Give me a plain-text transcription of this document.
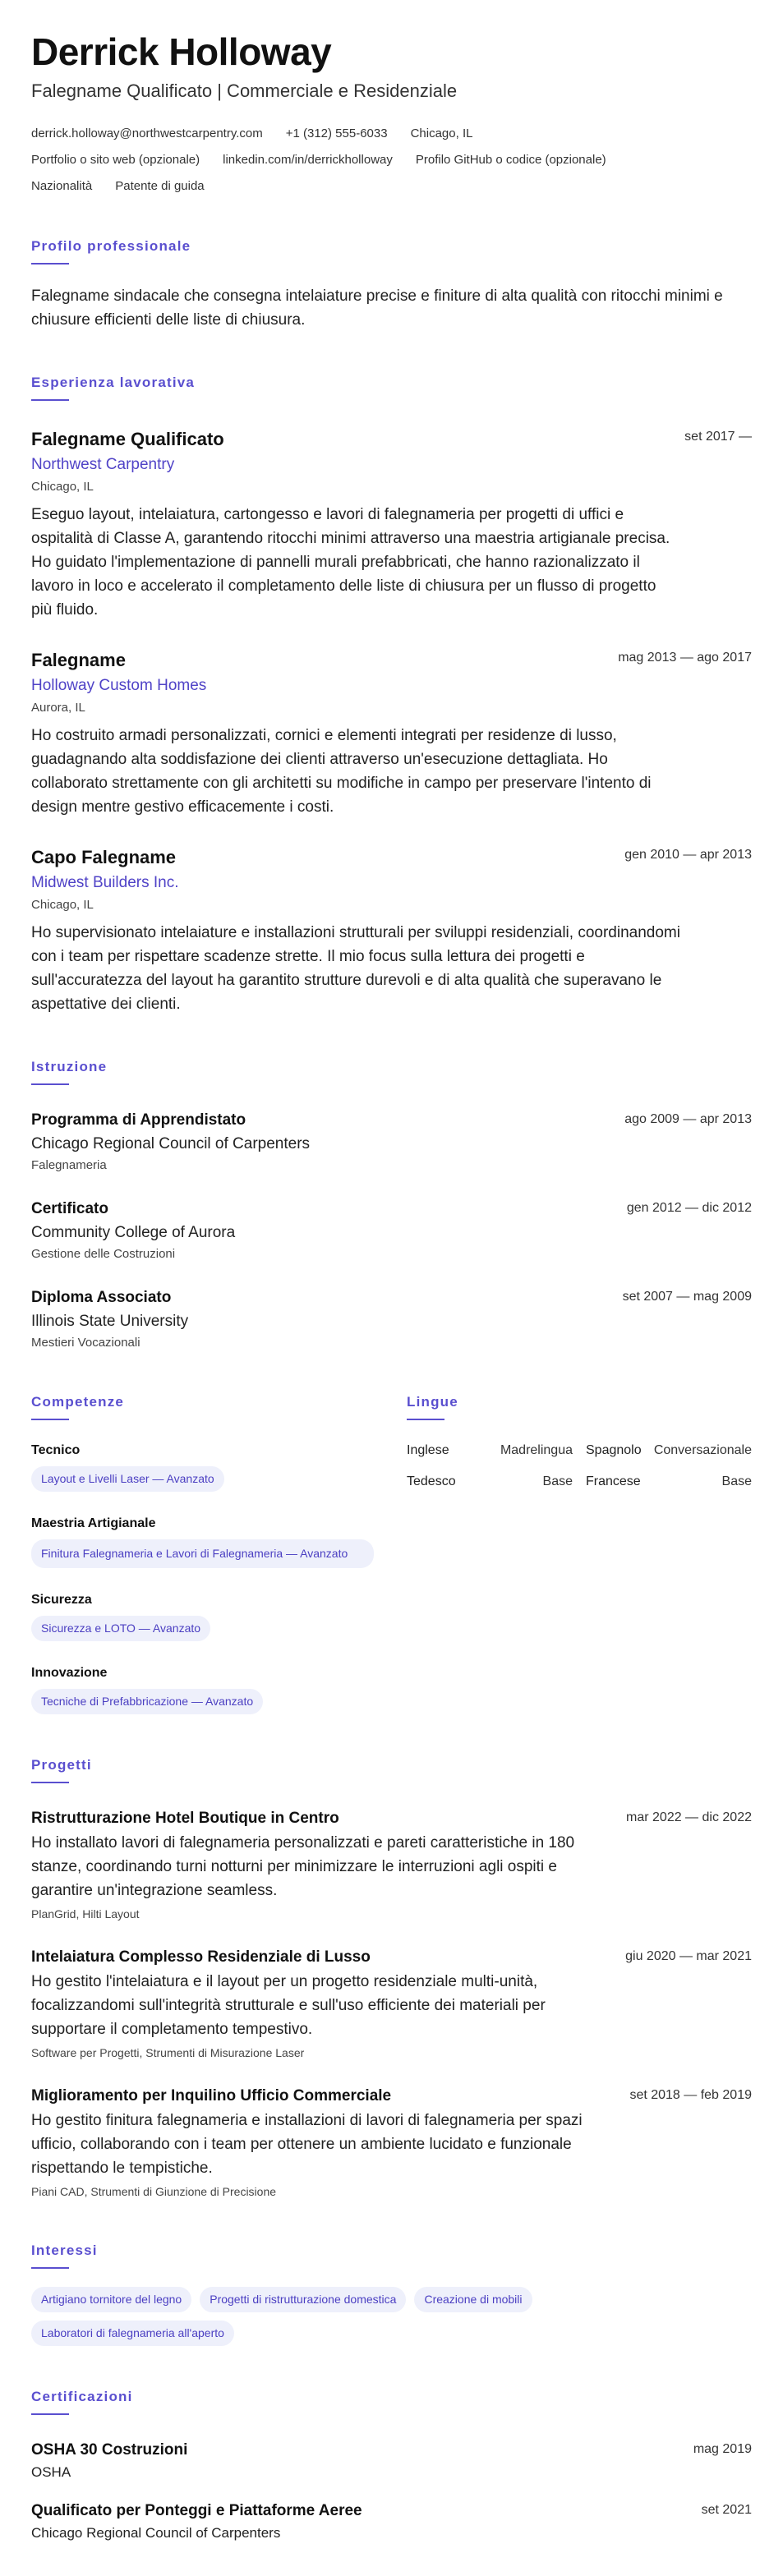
Derrick Holloway
Falegname Qualificato | Commerciale e Residenziale
derrick.holloway@northwestcarpentry.com +1 (312) 555-6033 Chicago, IL
Portfolio o sito web (opzionale) linkedin.com/in/derrickholloway Profilo GitHub o codice (opzionale)
Nazionalità Patente di guida
Profilo professionale
Falegname sindacale che consegna intelaiature precise e finiture di alta qualità con ritocchi minimi e chiusure efficienti delle liste di chiusura.
Esperienza lavorativa
Falegname Qualificato	set 2017 —
Northwest Carpentry
Chicago, IL
Eseguo layout, intelaiatura, cartongesso e lavori di falegnameria per progetti di uffici e ospitalità di Classe A, garantendo ritocchi minimi attraverso una maestria artigianale precisa. Ho guidato l'implementazione di pannelli murali prefabbricati, che hanno razionalizzato il lavoro in loco e accelerato il completamento delle liste di chiusura per un flusso di progetto più fluido.
Falegname	mag 2013 — ago 2017
Holloway Custom Homes
Aurora, IL
Ho costruito armadi personalizzati, cornici e elementi integrati per residenze di lusso, guadagnando alta soddisfazione dei clienti attraverso un'esecuzione dettagliata. Ho collaborato strettamente con gli architetti su modifiche in campo per preservare l'intento di design mentre gestivo efficacemente i costi.
Capo Falegname	gen 2010 — apr 2013
Midwest Builders Inc.
Chicago, IL
Ho supervisionato intelaiature e installazioni strutturali per sviluppi residenziali, coordinandomi con i team per rispettare scadenze strette. Il mio focus sulla lettura dei progetti e sull'accuratezza del layout ha garantito strutture durevoli e di alta qualità che superavano le aspettative dei clienti.
Istruzione
Programma di Apprendistato	ago 2009 — apr 2013
Chicago Regional Council of Carpenters
Falegnameria
Certificato	gen 2012 — dic 2012
Community College of Aurora
Gestione delle Costruzioni
Diploma Associato	set 2007 — mag 2009
Illinois State University
Mestieri Vocazionali
Competenze
Tecnico
Layout e Livelli Laser — Avanzato
Maestria Artigianale
Finitura Falegnameria e Lavori di Falegnameria — Avanzato
Sicurezza
Sicurezza e LOTO — Avanzato
Innovazione
Tecniche di Prefabbricazione — Avanzato
Lingue
Inglese	Madrelingua Spagnolo Conversazionale
Tedesco	Base Francese	Base
Progetti
Ristrutturazione Hotel Boutique in Centro	mar 2022 — dic 2022
Ho installato lavori di falegnameria personalizzati e pareti caratteristiche in 180 stanze, coordinando turni notturni per minimizzare le interruzioni agli ospiti e garantire un'integrazione seamless.
PlanGrid, Hilti Layout
Intelaiatura Complesso Residenziale di Lusso	giu 2020 — mar 2021
Ho gestito l'intelaiatura e il layout per un progetto residenziale multi-unità, focalizzandomi sull'integrità strutturale e sull'uso efficiente dei materiali per supportare il completamento tempestivo.
Software per Progetti, Strumenti di Misurazione Laser
Miglioramento per Inquilino Ufficio Commerciale	set 2018 — feb 2019
Ho gestito finitura falegnameria e installazioni di lavori di falegnameria per spazi ufficio, collaborando con i team per ottenere un ambiente lucidato e funzionale rispettando le tempistiche.
Piani CAD, Strumenti di Giunzione di Precisione
Interessi
Artigiano tornitore del legno	Progetti di ristrutturazione domestica	Creazione di mobili
Laboratori di falegnameria all'aperto
Certificazioni
OSHA 30 Costruzioni	mag 2019
OSHA
Qualificato per Ponteggi e Piattaforme Aeree	set 2021
Chicago Regional Council of Carpenters
